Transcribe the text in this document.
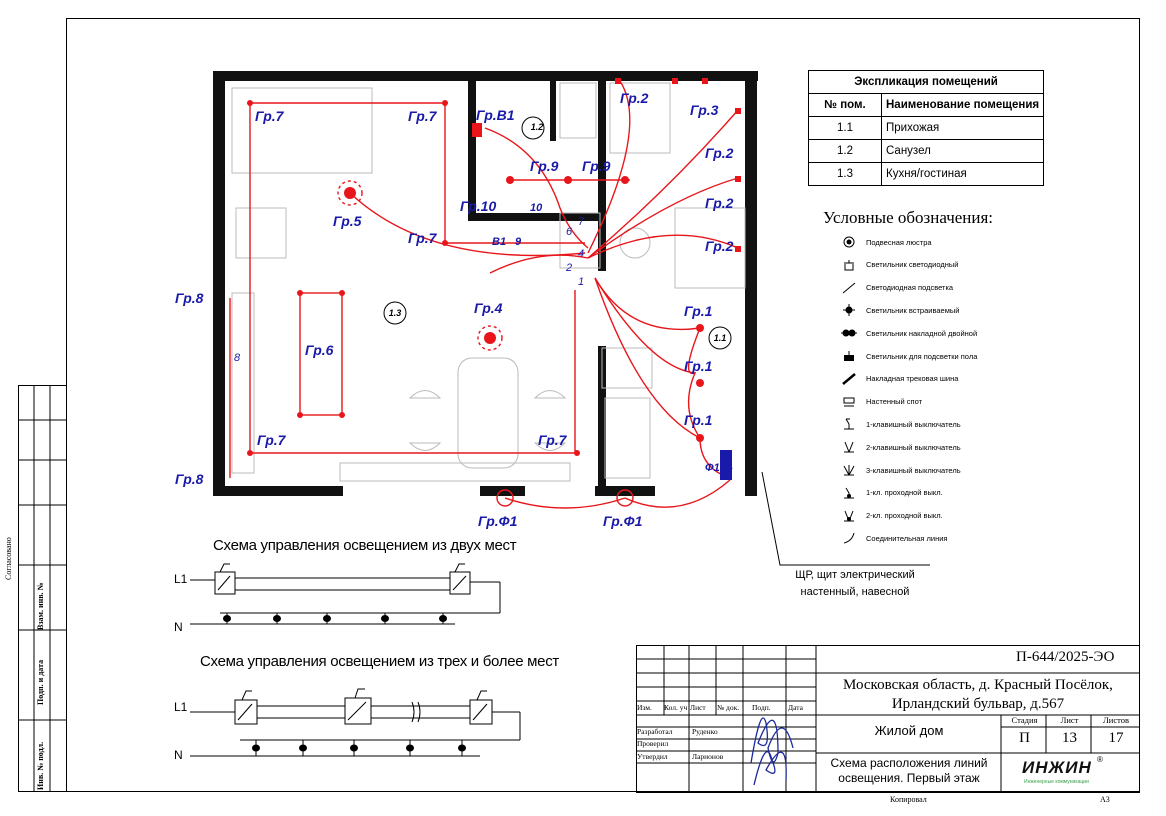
Согласовано
Взам. инв. №
Подп. и дата
Инв. № подл.
Гр.7	Гр.7	Гр.В1
1.2
Гр.2
Гр.3
Гр.2
Гр.2
Гр.2
Гр.9 Гр.9
Гр.10
Гр.5
Гр.7	В1 9
10
6
7
4
2
1
8
Гр.8
Гр.8
Гр.6
Гр.4
1.3
1.1
Гр.1
Гр.1
Гр.1
Гр.7	Гр.7
Ф1 1
Гр.Ф1	Гр.Ф1
ЩР, щит электрический
настенный, навесной
Экспликация помещений	
№ пом.	Наименование помещения
1.1	Прихожая
1.2	Санузел
1.3	Кухня/гостиная
Условные обозначения:
Подвесная люстра
Светильник светодиодный
Светодиодная подсветка
Светильник встраиваемый
Светильник накладной двойной
Светильник для подсветки пола
Накладная трековая шина
Настенный спот
1-клавишный выключатель
2-клавишный выключатель
3-клавишный выключатель
1-кл. проходной выкл.
2-кл. проходной выкл.
Соединительная линия
Схема управления освещением из двух мест
L1
N
Схема управления освещением из трех и более мест
L1
N
Изм.	Кол. уч Лист	№ док.	Подп. Дата
Разработал	Руденко
Проверил
Утвердил	Ларионов
П-644/2025-ЭО
Московская область, д. Красный Посёлок,
Ирландский бульвар, д.567
Жилой дом
Стадия	Лист	Листов
П	13	17
Схема расположения линий
освещения. Первый этаж
ИНЖИН ®
Инженерные коммуникации
Копировал	А3
